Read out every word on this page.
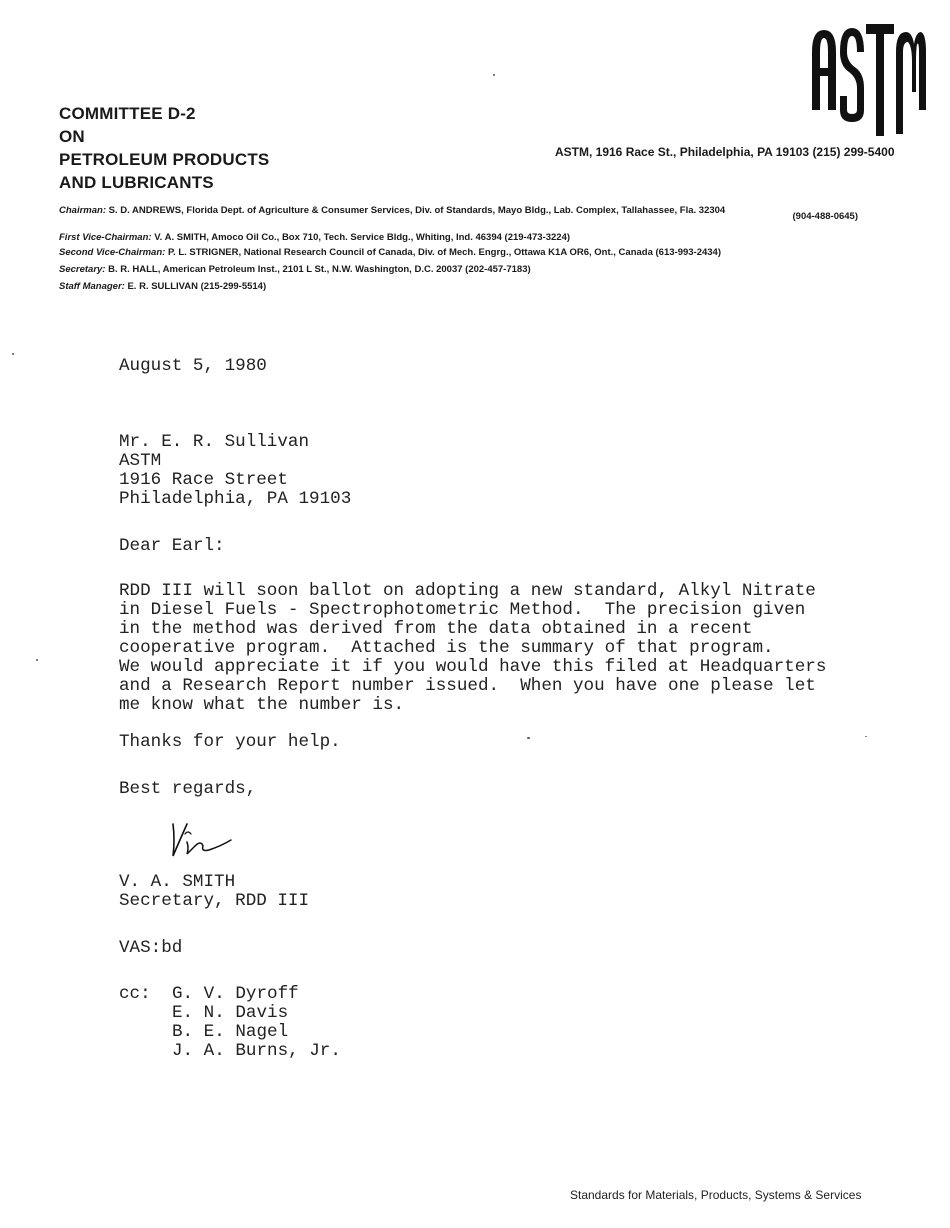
COMMITTEE D-2
ON
PETROLEUM PRODUCTS
AND LUBRICANTS
ASTM, 1916 Race St., Philadelphia, PA 19103 (215) 299-5400
Chairman: S. D. ANDREWS, Florida Dept. of Agriculture & Consumer Services, Div. of Standards, Mayo Bldg., Lab. Complex, Tallahassee, Fla. 32304
(904-488-0645)
First Vice-Chairman: V. A. SMITH, Amoco Oil Co., Box 710, Tech. Service Bldg., Whiting, Ind. 46394 (219-473-3224)
Second Vice-Chairman: P. L. STRIGNER, National Research Council of Canada, Div. of Mech. Engrg., Ottawa K1A OR6, Ont., Canada (613-993-2434)
Secretary: B. R. HALL, American Petroleum Inst., 2101 L St., N.W. Washington, D.C. 20037 (202-457-7183)
Staff Manager: E. R. SULLIVAN (215-299-5514)

August 5, 1980

Mr. E. R. Sullivan

ASTM

1916 Race Street

Philadelphia, PA 19103

Dear Earl:

RDD III will soon ballot on adopting a new standard, Alkyl Nitrate

in Diesel Fuels - Spectrophotometric Method.  The precision given

in the method was derived from the data obtained in a recent

cooperative program.  Attached is the summary of that program.

We would appreciate it if you would have this filed at Headquarters

and a Research Report number issued.  When you have one please let

me know what the number is.

Thanks for your help.

Best regards,

V. A. SMITH

Secretary, RDD III

VAS:bd

cc: G. V. Dyroff

E. N. Davis

B. E. Nagel

J. A. Burns, Jr.

Standards for Materials, Products, Systems & Services
